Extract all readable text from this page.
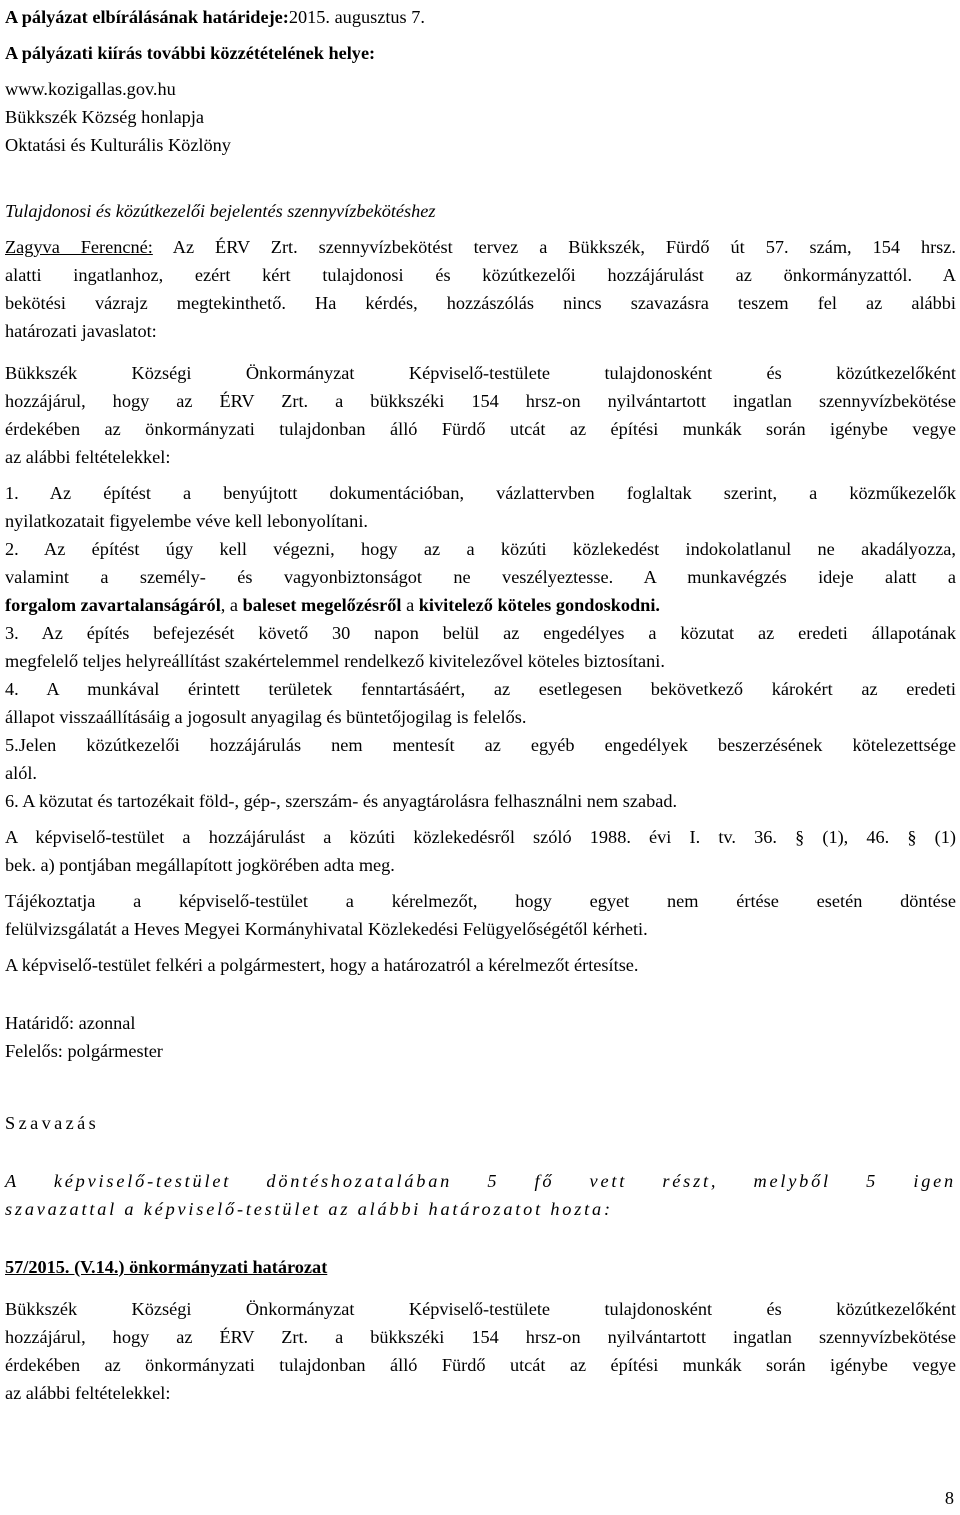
A pályázat elbírálásának határideje:2015. augusztus 7.

A pályázati kiírás további közzétételének helye:

www.kozigallas.gov.hu

Bükkszék Község honlapja

Oktatási és Kulturális Közlöny

Tulajdonosi és közútkezelői bejelentés szennyvízbekötéshez

Zagyva Ferencné: Az ÉRV Zrt. szennyvízbekötést tervez a Bükkszék, Fürdő út 57. szám, 154 hrsz.

alatti ingatlanhoz, ezért kért tulajdonosi és közútkezelői hozzájárulást az önkormányzattól. A

bekötési vázrajz megtekinthető. Ha kérdés, hozzászólás nincs szavazásra teszem fel az alábbi

határozati javaslatot:

Bükkszék Községi Önkormányzat Képviselő-testülete tulajdonosként és közútkezelőként

hozzájárul, hogy az ÉRV Zrt. a bükkszéki 154 hrsz-on nyilvántartott ingatlan szennyvízbekötése

érdekében az önkormányzati tulajdonban álló Fürdő utcát az építési munkák során igénybe vegye

az alábbi feltételekkel:

1. Az építést a benyújtott dokumentációban, vázlattervben foglaltak szerint, a közműkezelők

nyilatkozatait figyelembe véve kell lebonyolítani.

2. Az építést úgy kell végezni, hogy az a közúti közlekedést indokolatlanul ne akadályozza,

valamint a személy- és vagyonbiztonságot ne veszélyeztesse. A munkavégzés ideje alatt a

forgalom zavartalanságáról, a baleset megelőzésről a kivitelező köteles gondoskodni.

3. Az építés befejezését követő 30 napon belül az engedélyes a közutat az eredeti állapotának

megfelelő teljes helyreállítást szakértelemmel rendelkező kivitelezővel köteles biztosítani.

4. A munkával érintett területek fenntartásáért, az esetlegesen bekövetkező károkért az eredeti

állapot visszaállításáig a jogosult anyagilag és büntetőjogilag is felelős.

5.Jelen közútkezelői hozzájárulás nem mentesít az egyéb engedélyek beszerzésének kötelezettsége

alól.

6. A közutat és tartozékait föld-, gép-, szerszám- és anyagtárolásra felhasználni nem szabad.

A képviselő-testület a hozzájárulást a közúti közlekedésről szóló 1988. évi I. tv. 36. § (1), 46. § (1)

bek. a) pontjában megállapított jogkörében adta meg.

Tájékoztatja a képviselő-testület a kérelmezőt, hogy egyet nem értése esetén döntése

felülvizsgálatát a Heves Megyei Kormányhivatal Közlekedési Felügyelőségétől kérheti.

A képviselő-testület felkéri a polgármestert, hogy a határozatról a kérelmezőt értesítse.

Határidő: azonnal

Felelős: polgármester

Szavazás

A képviselő-testület döntéshozatalában 5 fő vett részt, melyből 5 igen

szavazattal a képviselő-testület az alábbi határozatot hozta:

57/2015. (V.14.) önkormányzati határozat

Bükkszék Községi Önkormányzat Képviselő-testülete tulajdonosként és közútkezelőként

hozzájárul, hogy az ÉRV Zrt. a bükkszéki 154 hrsz-on nyilvántartott ingatlan szennyvízbekötése

érdekében az önkormányzati tulajdonban álló Fürdő utcát az építési munkák során igénybe vegye

az alábbi feltételekkel:

8
